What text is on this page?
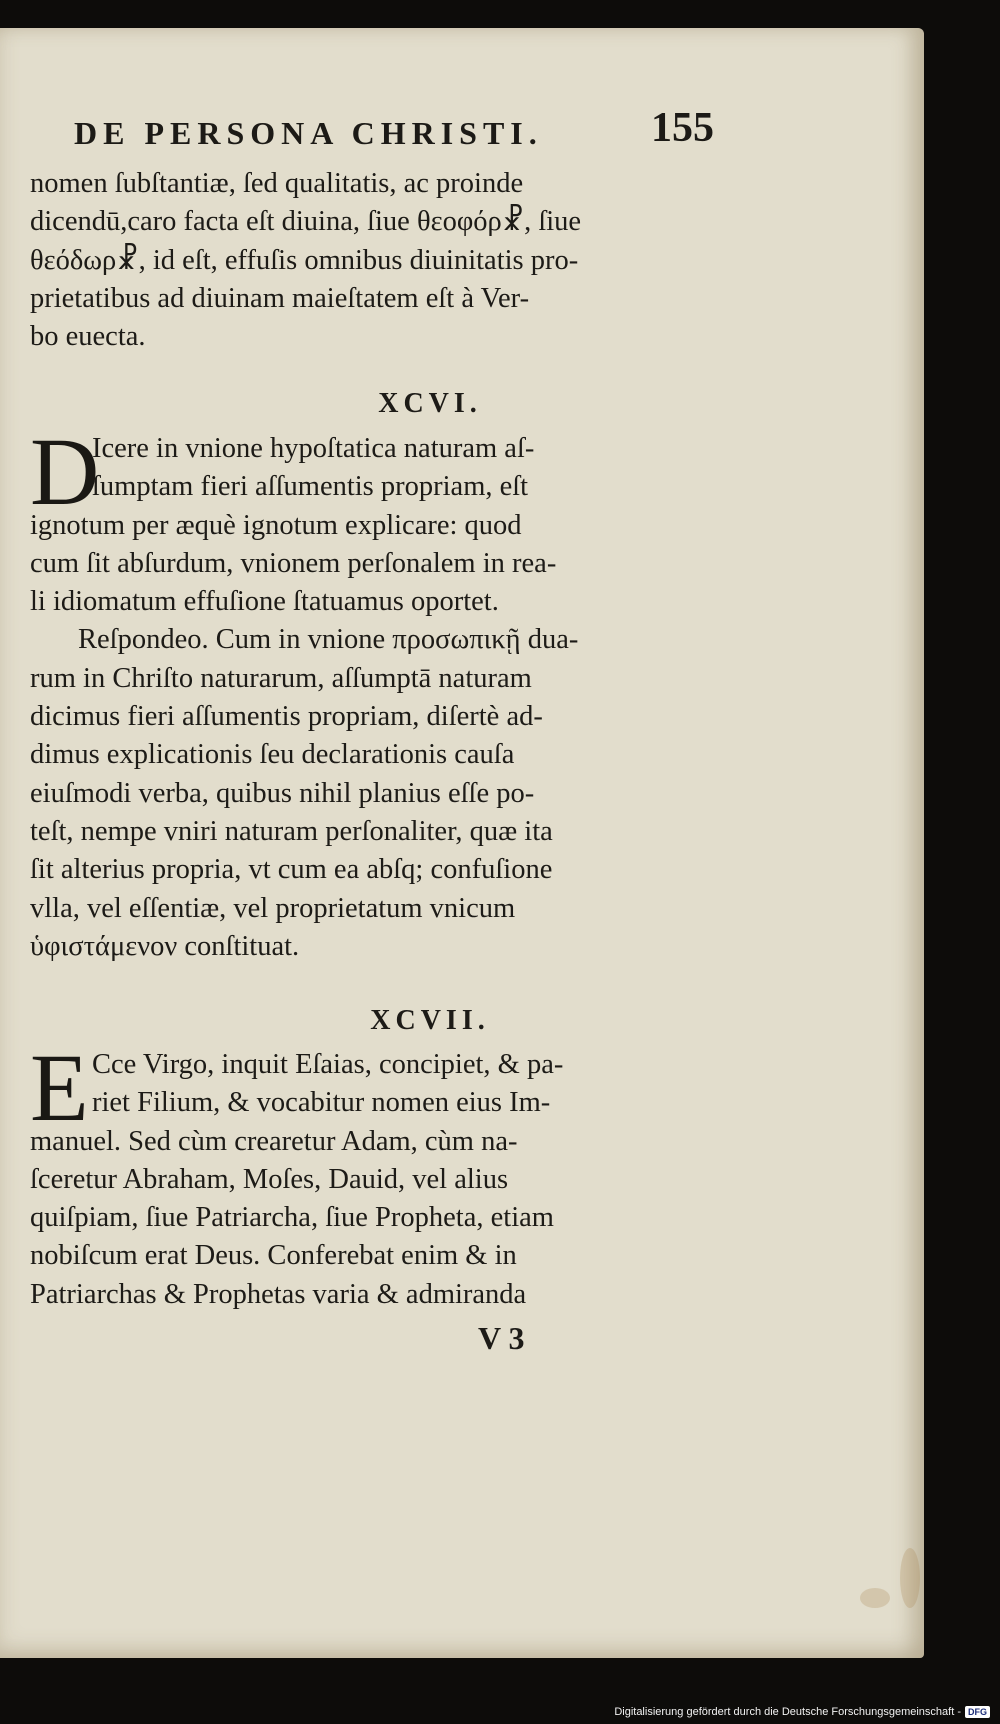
DE PERSONA CHRISTI.	155
nomen ſubſtantiæ, ſed qualitatis, ac proinde
dicendū,caro facta eſt diuina, ſiue θεοφόρ☧, ſiue
θεόδωρ☧, id eſt, effuſis omnibus diuinitatis pro-
prietatibus ad diuinam maieſtatem eſt à Ver-
bo euecta.
XCVI.
D
Icere in vnione hypoſtatica naturam aſ-
ſumptam fieri aſſumentis propriam, eſt
ignotum per æquè ignotum explicare: quod
cum ſit abſurdum, vnionem perſonalem in rea-
li idiomatum effuſione ſtatuamus oportet.
Reſpondeo. Cum in vnione προσωπικῇ dua-
rum in Chriſto naturarum, aſſumptā naturam
dicimus fieri aſſumentis propriam, diſertè ad-
dimus explicationis ſeu declarationis cauſa
eiuſmodi verba, quibus nihil planius eſſe po-
teſt, nempe vniri naturam perſonaliter, quæ ita
ſit alterius propria, vt cum ea abſq; confuſione
vlla, vel eſſentiæ, vel proprietatum vnicum
ὑφιστάμενον conſtituat.
XCVII.
E Cce Virgo, inquit Eſaias, concipiet, & pa-
riet Filium, & vocabitur nomen eius Im-
manuel. Sed cùm crearetur Adam, cùm na-
ſceretur Abraham, Moſes, Dauid, vel alius
quiſpiam, ſiue Patriarcha, ſiue Propheta, etiam
nobiſcum erat Deus. Conferebat enim & in
Patriarchas & Prophetas varia & admiranda
V 3
Digitalisierung gefördert durch die Deutsche Forschungsgemeinschaft - DFG
